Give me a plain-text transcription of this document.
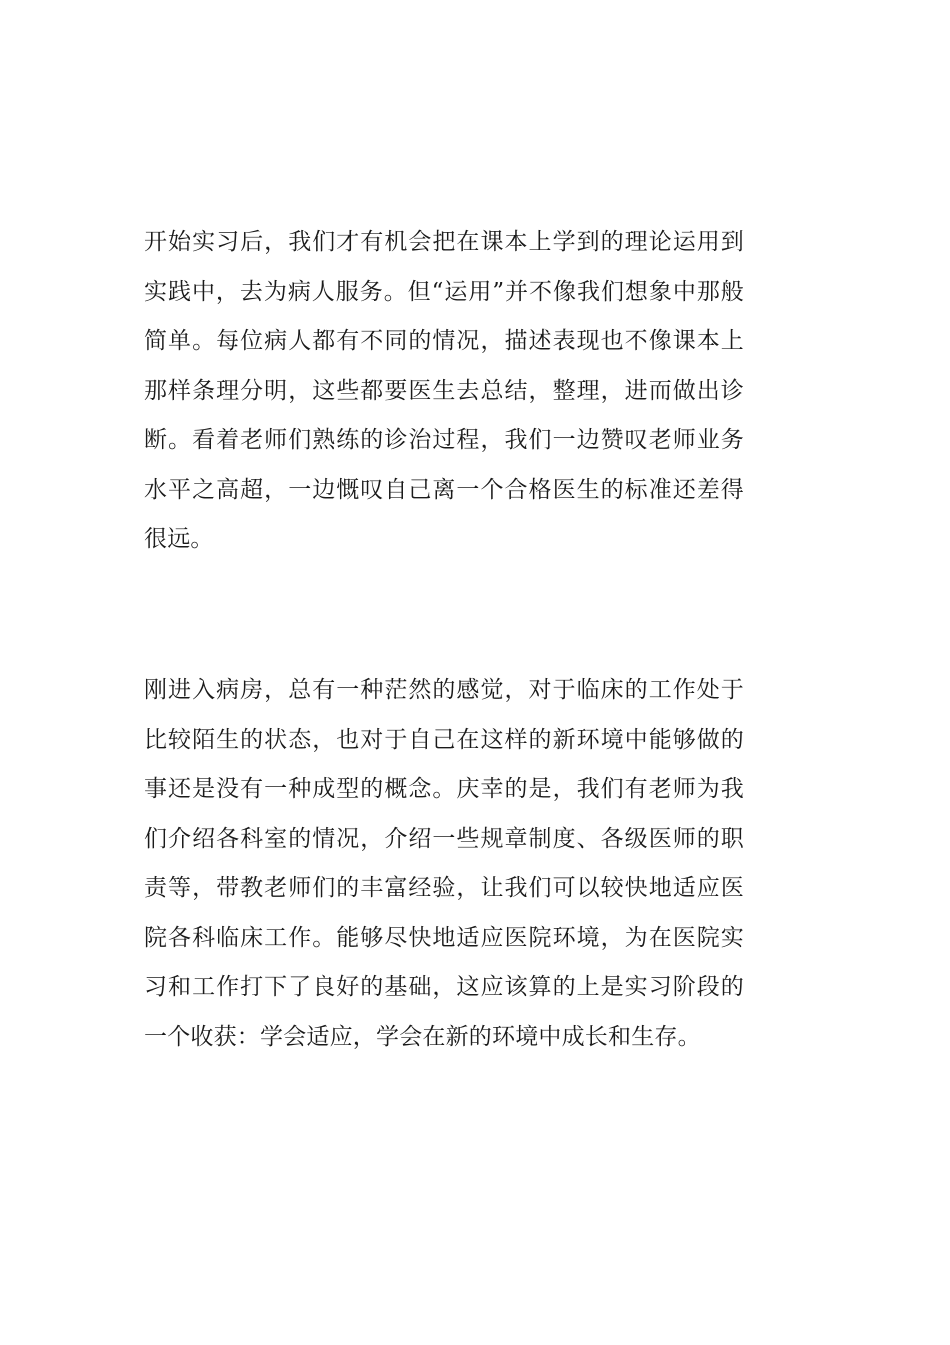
开始实习后，我们才有机会把在课本上学到的理论运用到实践中，去为病人服务。但“运用”并不像我们想象中那般简单。每位病人都有不同的情况，描述表现也不像课本上那样条理分明，这些都要医生去总结，整理，进而做出诊断。看着老师们熟练的诊治过程，我们一边赞叹老师业务水平之高超，一边慨叹自己离一个合格医生的标准还差得很远。

刚进入病房，总有一种茫然的感觉，对于临床的工作处于比较陌生的状态，也对于自己在这样的新环境中能够做的事还是没有一种成型的概念。庆幸的是，我们有老师为我们介绍各科室的情况，介绍一些规章制度、各级医师的职责等，带教老师们的丰富经验，让我们可以较快地适应医院各科临床工作。能够尽快地适应医院环境，为在医院实习和工作打下了良好的基础，这应该算的上是实习阶段的一个收获：学会适应，学会在新的环境中成长和生存。
